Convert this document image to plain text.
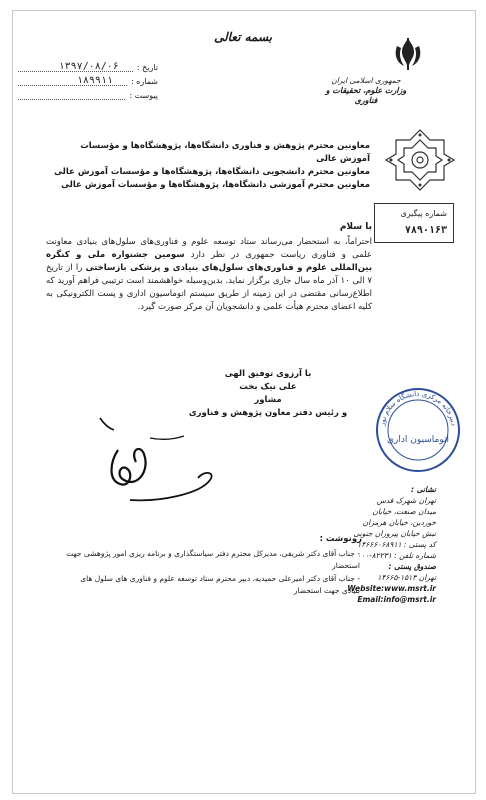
بسمه تعالی
تاریخ :
۱۳۹۷/۰۸/۰۶
شماره :
۱۸۹۹۱۱
پیوست :
جمهوری اسلامی ایران
وزارت علوم، تحقیقات و فناوری
معاونین محترم پژوهش و فناوری دانشگاه‌ها، پژوهشگاه‌ها و مؤسسات آموزش عالی
معاونین محترم دانشجویی دانشگاه‌ها، پژوهشگاه‌ها و مؤسسات آموزش عالی
معاونین محترم آموزشی دانشگاه‌ها، پژوهشگاه‌ها و مؤسسات آموزش عالی
شماره پیگیری
۷۸۹۰۱۶۳
با سلام
احتراماً، به استحضار می‌رساند ستاد توسعه علوم و فناوری‌های سلول‌های بنیادی معاونت علمی و فناوری ریاست جمهوری در نظر دارد سومین جشنواره ملی و کنگره بین‌المللی علوم و فناوری‌های سلول‌های بنیادی و پزشکی بازساختی را از تاریخ ۷ الی ۱۰ آذر ماه سال جاری برگزار نماید. بدین‌وسیله خواهشمند است ترتیبی فراهم آورید که اطلاع‌رسانی مقتضی در این زمینه از طریق سیستم اتوماسیون اداری و پست الکترونیکی به کلیه اعضای محترم هیأت علمی و دانشجویان آن مرکز صورت گیرد.
با آرزوی توفیق الهی
علی نیک بخت
مشاور
و رئیس دفتر معاون پژوهش و فناوری
دبیرخانه مرکزی دانشگاه سلام نور
اتوماسیون اداری
نشانی :
تهران شهرک قدس
میدان صنعت، خیابان
خوردین، خیابان هرمزان
نبش خیابان پیروزان جنوبی
کد پستی : ۱۴۶۶۶۰۶۸۹۱۱
شماره تلفن : ۸۲۲۳۱-۰۰۰
صندوق پستی :
تهران ۱۵۱۳-۱۴۶۶۵
Website:www.msrt.ir
Email:info@msrt.ir
رونوشت :
- جناب آقای دکتر شریفی، مدیرکل محترم دفتر سیاستگذاری و برنامه ریزی امور پژوهشی جهت استحضار
- جناب آقای دکتر امیرعلی حمیدیه، دبیر محترم ستاد توسعه علوم و فناوری های سلول های بنیادی جهت استحضار
